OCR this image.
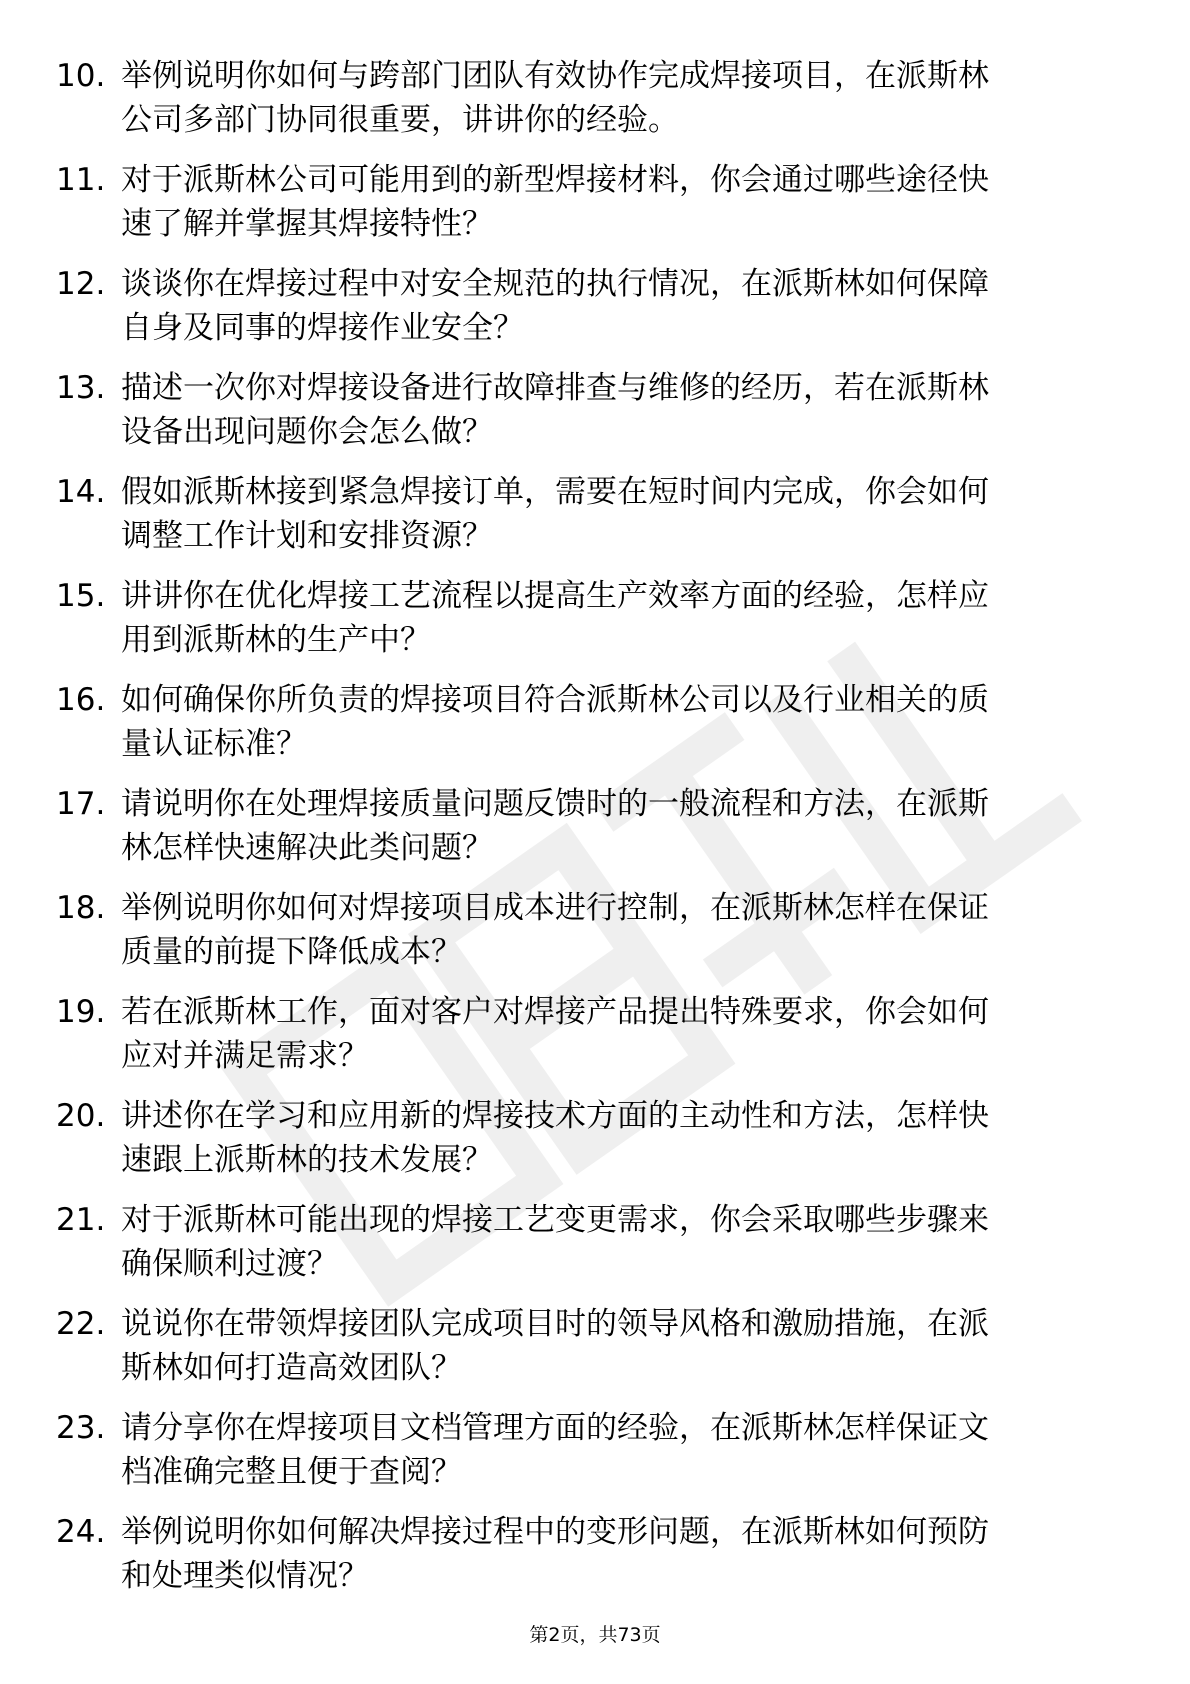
10. 举例说明你如何与跨部门团队有效协作完成焊接项目，在派斯林
公司多部门协同很重要，讲讲你的经验。
11. 对于派斯林公司可能用到的新型焊接材料，你会通过哪些途径快
速了解并掌握其焊接特性？
12. 谈谈你在焊接过程中对安全规范的执行情况，在派斯林如何保障
自身及同事的焊接作业安全？
13. 描述一次你对焊接设备进行故障排查与维修的经历，若在派斯林
设备出现问题你会怎么做？
14. 假如派斯林接到紧急焊接订单，需要在短时间内完成，你会如何
调整工作计划和安排资源？
15. 讲讲你在优化焊接工艺流程以提高生产效率方面的经验，怎样应
用到派斯林的生产中？
16. 如何确保你所负责的焊接项目符合派斯林公司以及行业相关的质
量认证标准？
17. 请说明你在处理焊接质量问题反馈时的一般流程和方法，在派斯
林怎样快速解决此类问题？
18. 举例说明你如何对焊接项目成本进行控制，在派斯林怎样在保证
质量的前提下降低成本？
19. 若在派斯林工作，面对客户对焊接产品提出特殊要求，你会如何
应对并满足需求？
20. 讲述你在学习和应用新的焊接技术方面的主动性和方法，怎样快
速跟上派斯林的技术发展？
21. 对于派斯林可能出现的焊接工艺变更需求，你会采取哪些步骤来
确保顺利过渡？
22. 说说你在带领焊接团队完成项目时的领导风格和激励措施，在派
斯林如何打造高效团队？
23. 请分享你在焊接项目文档管理方面的经验，在派斯林怎样保证文
档准确完整且便于查阅？
24. 举例说明你如何解决焊接过程中的变形问题，在派斯林如何预防
和处理类似情况？
第2页，共73页
